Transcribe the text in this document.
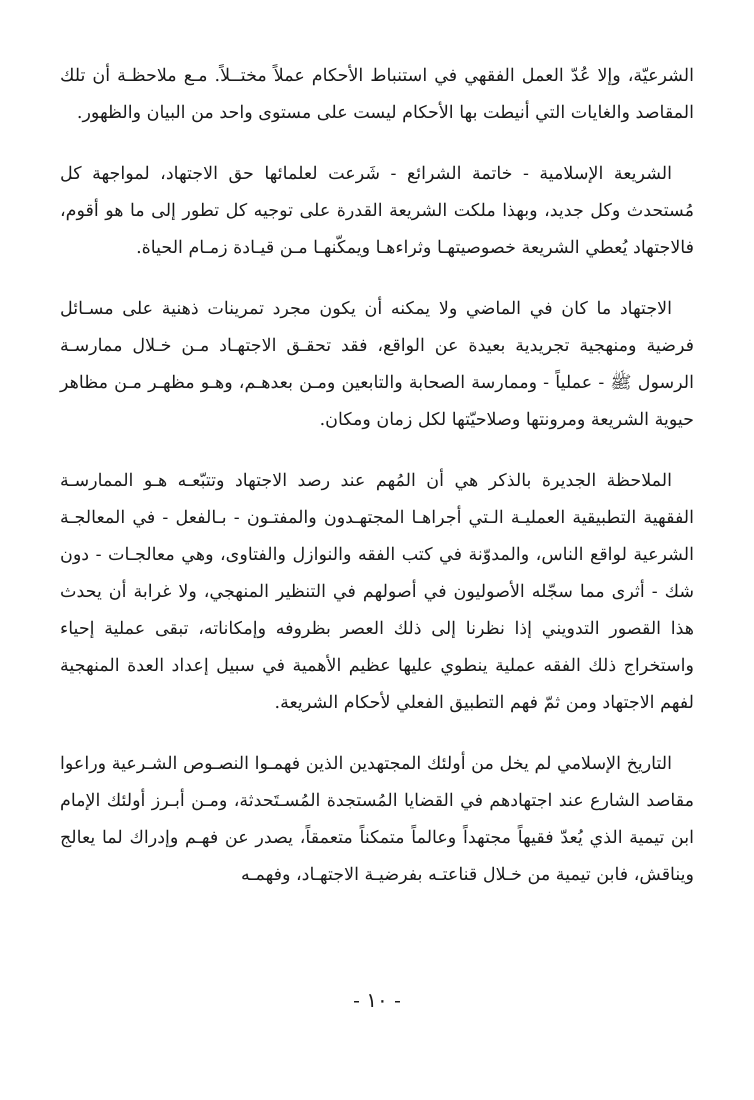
الشرعيّة، وإلا عُدّ العمل الفقهي في استنباط الأحكام عملاً مختــلاً. مـع ملاحظـة أن تلك المقاصد والغايات التي أنيطت بها الأحكام ليست على مستوى واحد من البيان والظهور.

الشريعة الإسلامية - خاتمة الشرائع - شَرعت لعلمائها حق الاجتهاد، لمواجهة كل مُستحدث وكل جديد، وبهذا ملكت الشريعة القدرة على توجيه كل تطور إلى ما هو أقوم، فالاجتهاد يُعطي الشريعة خصوصيتهـا وثراءهـا ويمكّنهـا مـن قيـادة زمـام الحياة.

الاجتهاد ما كان في الماضي ولا يمكنه أن يكون مجرد تمرينات ذهنية على مسـائل فرضية ومنهجية تجريدية بعيدة عن الواقع، فقد تحقـق الاجتهـاد مـن خـلال ممارسـة الرسول ﷺ - عملياً - وممارسة الصحابة والتابعين ومـن بعدهـم، وهـو مظهـر مـن مظاهر حيوية الشريعة ومرونتها وصلاحيّتها لكل زمان ومكان.

الملاحظة الجديرة بالذكر هي أن المُهم عند رصد الاجتهاد وتتبّعـه هـو الممارسـة الفقهية التطبيقية العمليـة الـتي أجراهـا المجتهـدون والمفتـون - بـالفعل - في المعالجـة الشرعية لواقع الناس، والمدوّنة في كتب الفقه والنوازل والفتاوى، وهي معالجـات - دون شك - أثرى مما سجّله الأصوليون في أصولهم في التنظير المنهجي، ولا غرابة أن يحدث هذا القصور التدويني إذا نظرنا إلى ذلك العصر بظروفه وإمكاناته، تبقى عملية إحياء واستخراج ذلك الفقه عملية ينطوي عليها عظيم الأهمية في سبيل إعداد العدة المنهجية لفهم الاجتهاد ومن ثمّ فهم التطبيق الفعلي لأحكام الشريعة.

التاريخ الإسلامي لم يخل من أولئك المجتهدين الذين فهمـوا النصـوص الشـرعية وراعوا مقاصد الشارع عند اجتهادهم في القضايا المُستجدة المُسـتَحدثة، ومـن أبـرز أولئك الإمام ابن تيمية الذي يُعدّ فقيهاً مجتهداً وعالماً متمكناً متعمقاً، يصدر عن فهـم وإدراك لما يعالج ويناقش، فابن تيمية من خـلال قناعتـه بفرضيـة الاجتهـاد، وفهمـه

- ١٠ -
